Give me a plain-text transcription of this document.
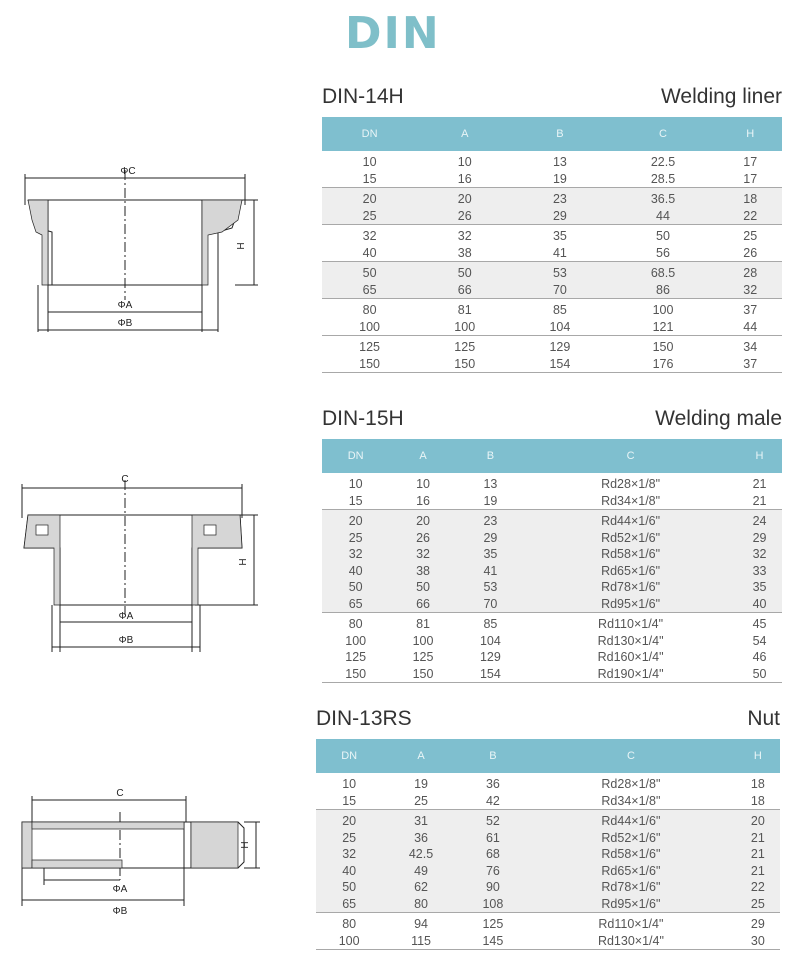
DIN
DIN-14H	Welding liner
DN	A	B	C	H
10	10	13	22.5	17
15	16	19	28.5	17
20	20	23	36.5	18
25	26	29	44	22
32	32	35	50	25
40	38	41	56	26
50	50	53	68.5	28
65	66	70	86	32
80	81	85	100	37
100	100	104	121	44
125	125	129	150	34
150	150	154	176	37
ΦC
ΦA
ΦB
H
DIN-15H	Welding male
DN	A	B	C	H
10	10	13	Rd28×1/8"	21
15	16	19	Rd34×1/8"	21
20	20	23	Rd44×1/6"	24
25	26	29	Rd52×1/6"	29
32	32	35	Rd58×1/6"	32
40	38	41	Rd65×1/6"	33
50	50	53	Rd78×1/6"	35
65	66	70	Rd95×1/6"	40
80	81	85	Rd110×1/4"	45
100	100	104	Rd130×1/4"	54
125	125	129	Rd160×1/4"	46
150	150	154	Rd190×1/4"	50
C
ΦA
ΦB
H
DIN-13RS	Nut
DN	A	B	C	H
10	19	36	Rd28×1/8"	18
15	25	42	Rd34×1/8"	18
20	31	52	Rd44×1/6"	20
25	36	61	Rd52×1/6"	21
32	42.5	68	Rd58×1/6"	21
40	49	76	Rd65×1/6"	21
50	62	90	Rd78×1/6"	22
65	80	108	Rd95×1/6"	25
80	94	125	Rd110×1/4"	29
100	115	145	Rd130×1/4"	30
C
ΦA
ΦB
H
